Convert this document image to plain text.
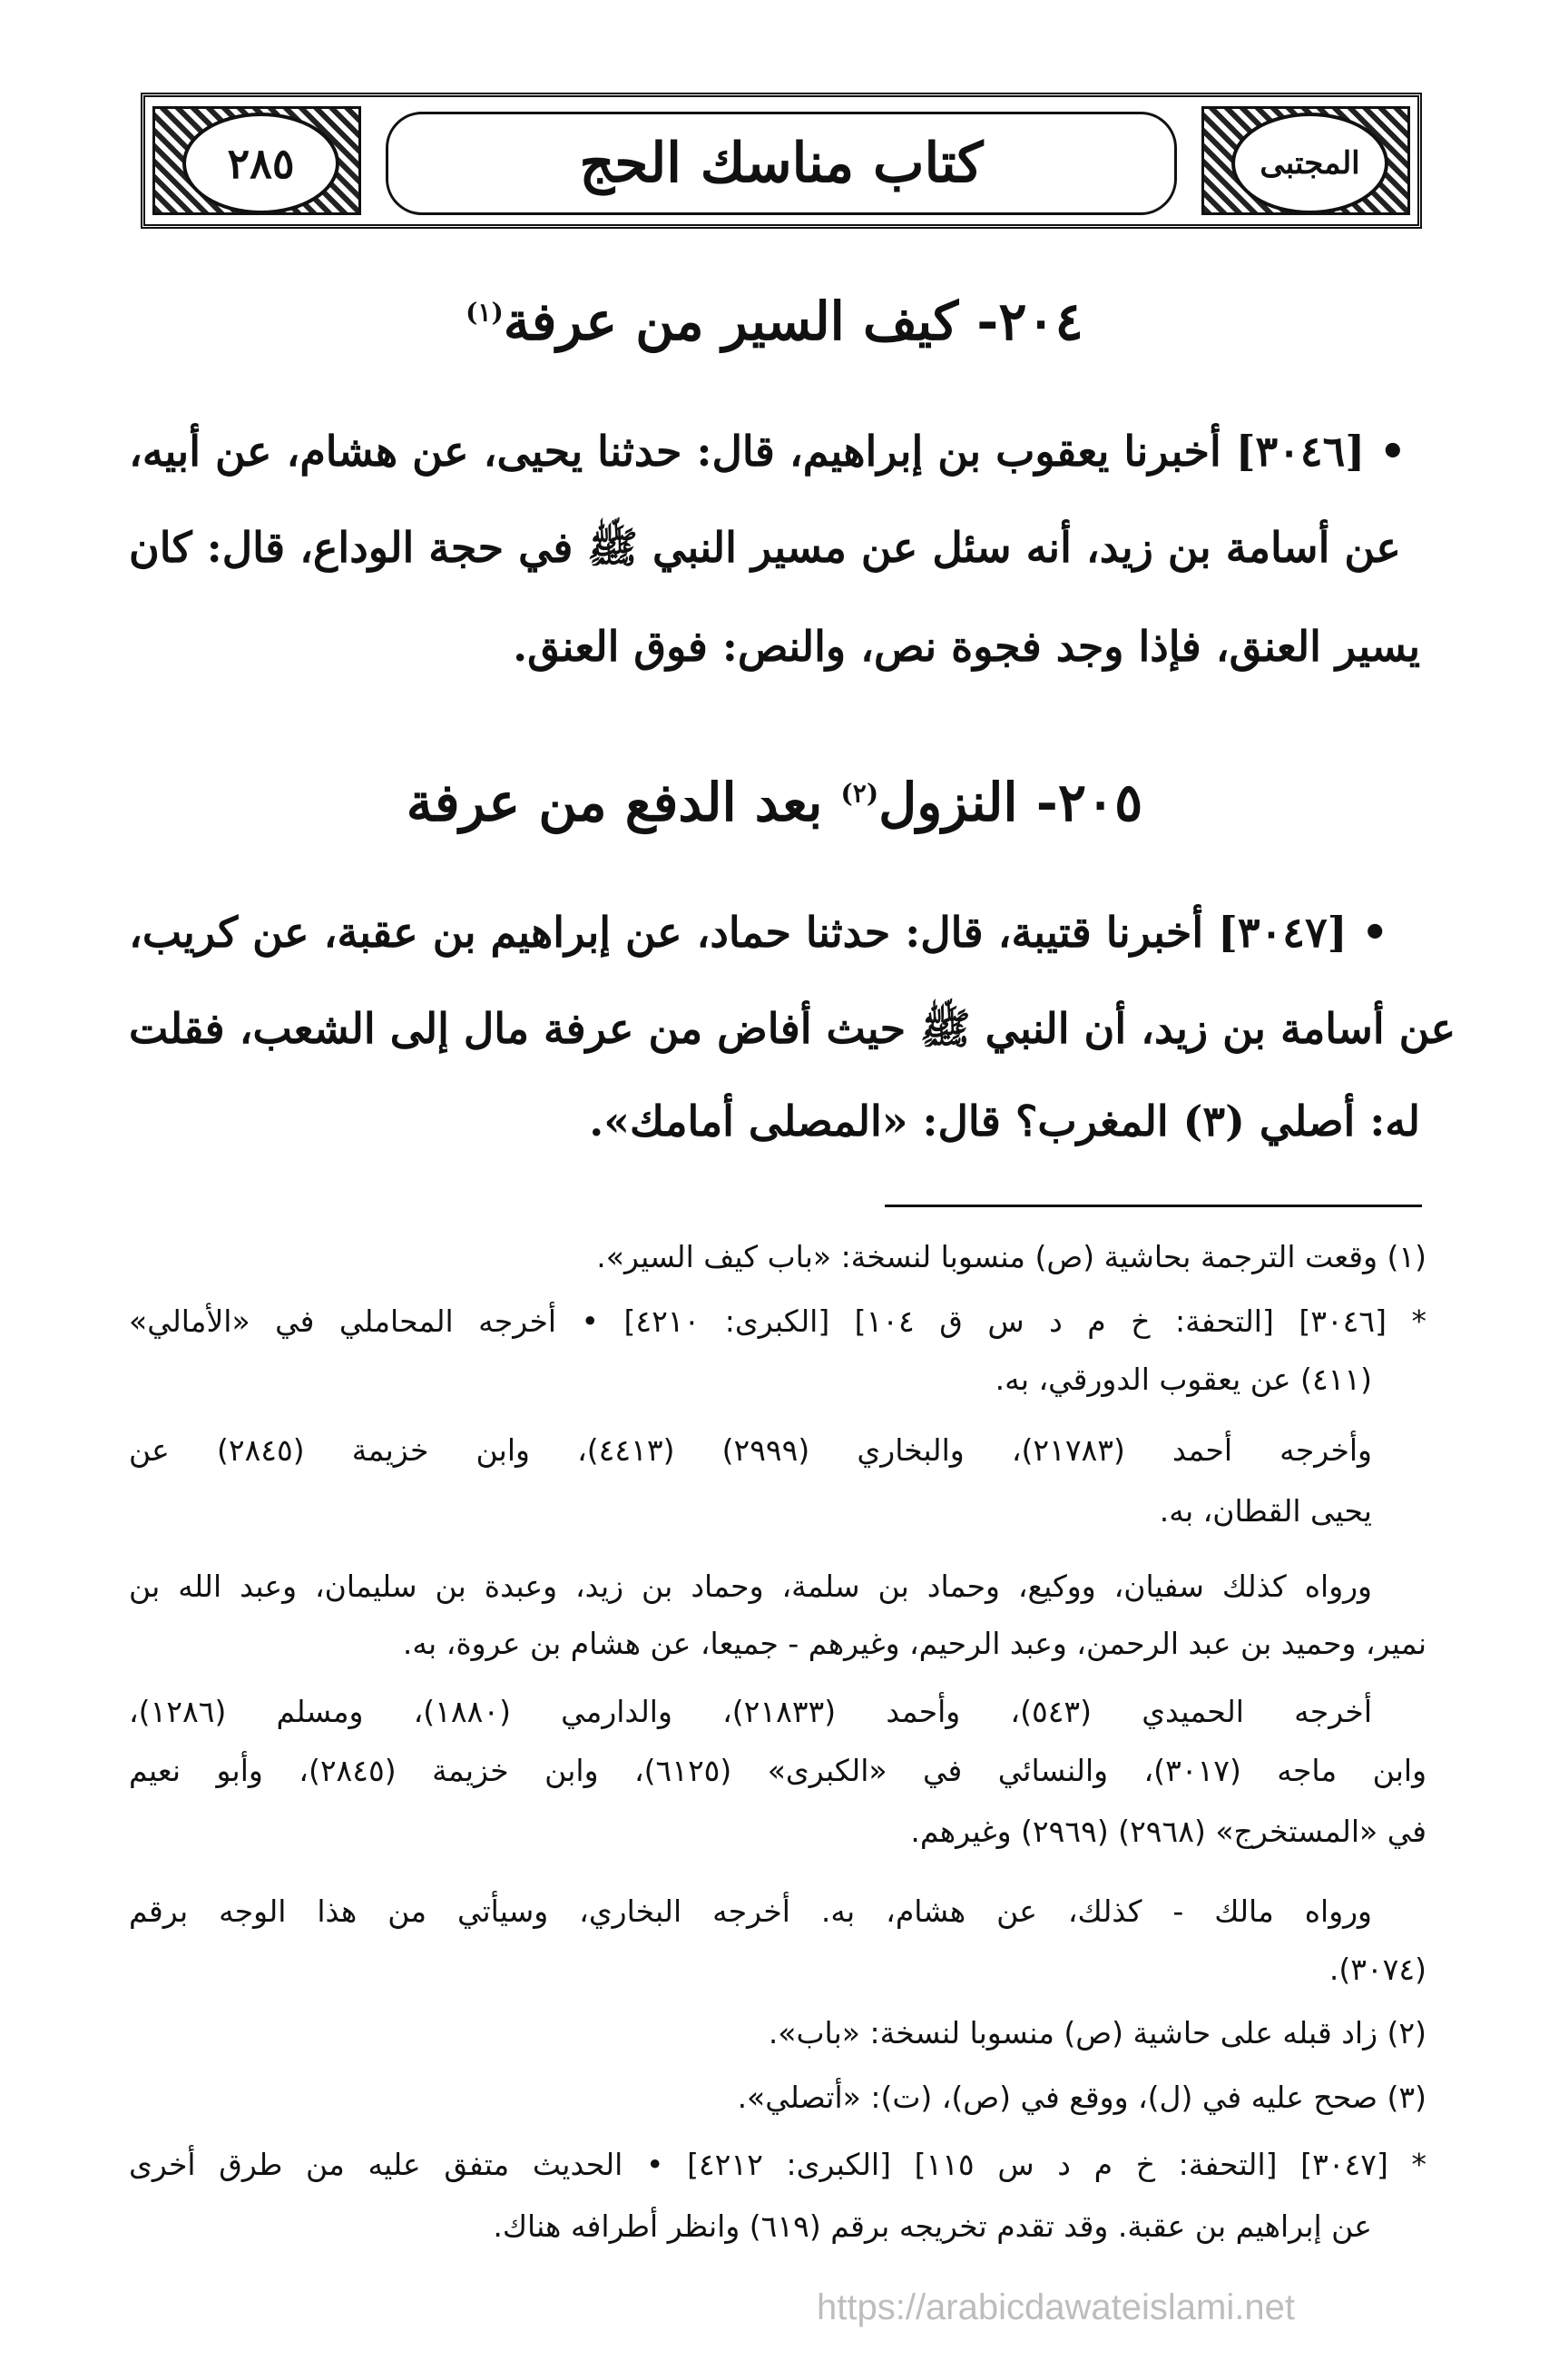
٢٨٥	كتاب مناسك الحج	المجتبى
٢٠٤- كيف السير من عرفة$^{(١)}$
• [٣٠٤٦] أخبرنا يعقوب بن إبراهيم، قال: حدثنا يحيى، عن هشام، عن أبيه،
عن أسامة بن زيد، أنه سئل عن مسير النبي ﷺ في حجة الوداع، قال: كان
يسير العنق، فإذا وجد فجوة نص، والنص: فوق العنق.
٢٠٥- النزول$^{(٢)}$ بعد الدفع من عرفة
• [٣٠٤٧] أخبرنا قتيبة، قال: حدثنا حماد، عن إبراهيم بن عقبة، عن كريب،
عن أسامة بن زيد، أن النبي ﷺ حيث أفاض من عرفة مال إلى الشعب، فقلت
له: أصلي (٣) المغرب؟ قال: «المصلى أمامك».
(١) وقعت الترجمة بحاشية (ص) منسوبا لنسخة: «باب كيف السير».
* [٣٠٤٦] [التحفة: خ م د س ق ١٠٤] [الكبرى: ٤٢١٠] • أخرجه المحاملي في «الأمالي»
(٤١١) عن يعقوب الدورقي، به.
وأخرجه أحمد (٢١٧٨٣)، والبخاري (٢٩٩٩) (٤٤١٣)، وابن خزيمة (٢٨٤٥) عن
يحيى القطان، به.
ورواه كذلك سفيان، ووكيع، وحماد بن سلمة، وحماد بن زيد، وعبدة بن سليمان، وعبد الله بن
نمير، وحميد بن عبد الرحمن، وعبد الرحيم، وغيرهم - جميعا، عن هشام بن عروة، به.
أخرجه الحميدي (٥٤٣)، وأحمد (٢١٨٣٣)، والدارمي (١٨٨٠)، ومسلم (١٢٨٦)،
وابن ماجه (٣٠١٧)، والنسائي في «الكبرى» (٦١٢٥)، وابن خزيمة (٢٨٤٥)، وأبو نعيم
في «المستخرج» (٢٩٦٨) (٢٩٦٩) وغيرهم.
ورواه مالك - كذلك، عن هشام، به. أخرجه البخاري، وسيأتي من هذا الوجه برقم
(٣٠٧٤).
(٢) زاد قبله على حاشية (ص) منسوبا لنسخة: «باب».
(٣) صحح عليه في (ل)، ووقع في (ص)، (ت): «أتصلي».
* [٣٠٤٧] [التحفة: خ م د س ١١٥] [الكبرى: ٤٢١٢] • الحديث متفق عليه من طرق أخرى
عن إبراهيم بن عقبة. وقد تقدم تخريجه برقم (٦١٩) وانظر أطرافه هناك.
https://arabicdawateislami.net
